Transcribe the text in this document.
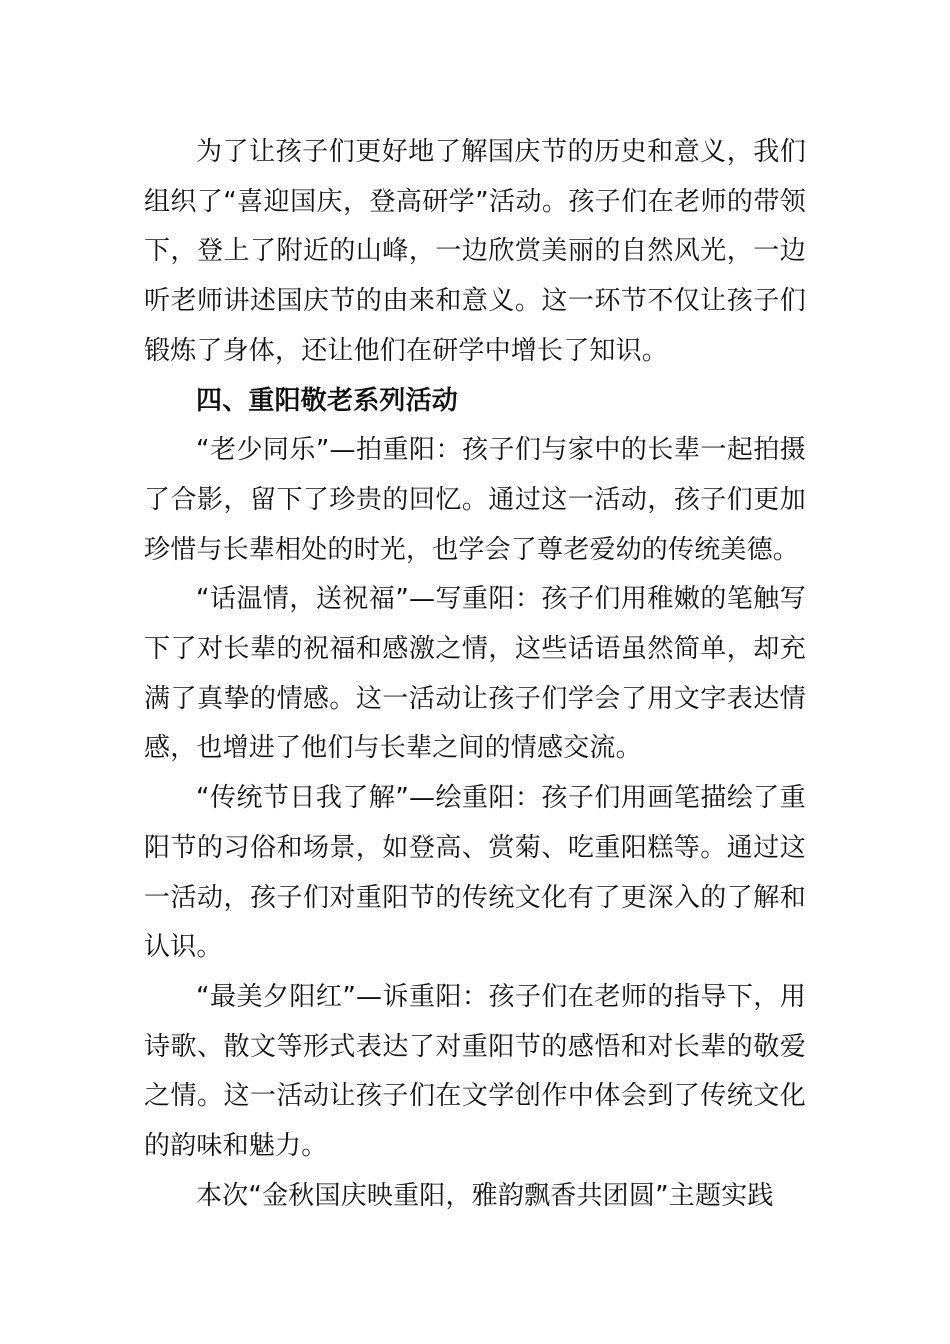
为了让孩子们更好地了解国庆节的历史和意义，我们组织了“喜迎国庆，登高研学”活动。孩子们在老师的带领下，登上了附近的山峰，一边欣赏美丽的自然风光，一边听老师讲述国庆节的由来和意义。这一环节不仅让孩子们锻炼了身体，还让他们在研学中增长了知识。

四、重阳敬老系列活动

“老少同乐”—拍重阳：孩子们与家中的长辈一起拍摄了合影，留下了珍贵的回忆。通过这一活动，孩子们更加珍惜与长辈相处的时光，也学会了尊老爱幼的传统美德。

“话温情，送祝福”—写重阳：孩子们用稚嫩的笔触写下了对长辈的祝福和感激之情，这些话语虽然简单，却充满了真挚的情感。这一活动让孩子们学会了用文字表达情感，也增进了他们与长辈之间的情感交流。

“传统节日我了解”—绘重阳：孩子们用画笔描绘了重阳节的习俗和场景，如登高、赏菊、吃重阳糕等。通过这一活动，孩子们对重阳节的传统文化有了更深入的了解和认识。

“最美夕阳红”—诉重阳：孩子们在老师的指导下，用诗歌、散文等形式表达了对重阳节的感悟和对长辈的敬爱之情。这一活动让孩子们在文学创作中体会到了传统文化的韵味和魅力。

本次“金秋国庆映重阳，雅韵飘香共团圆”主题实践
